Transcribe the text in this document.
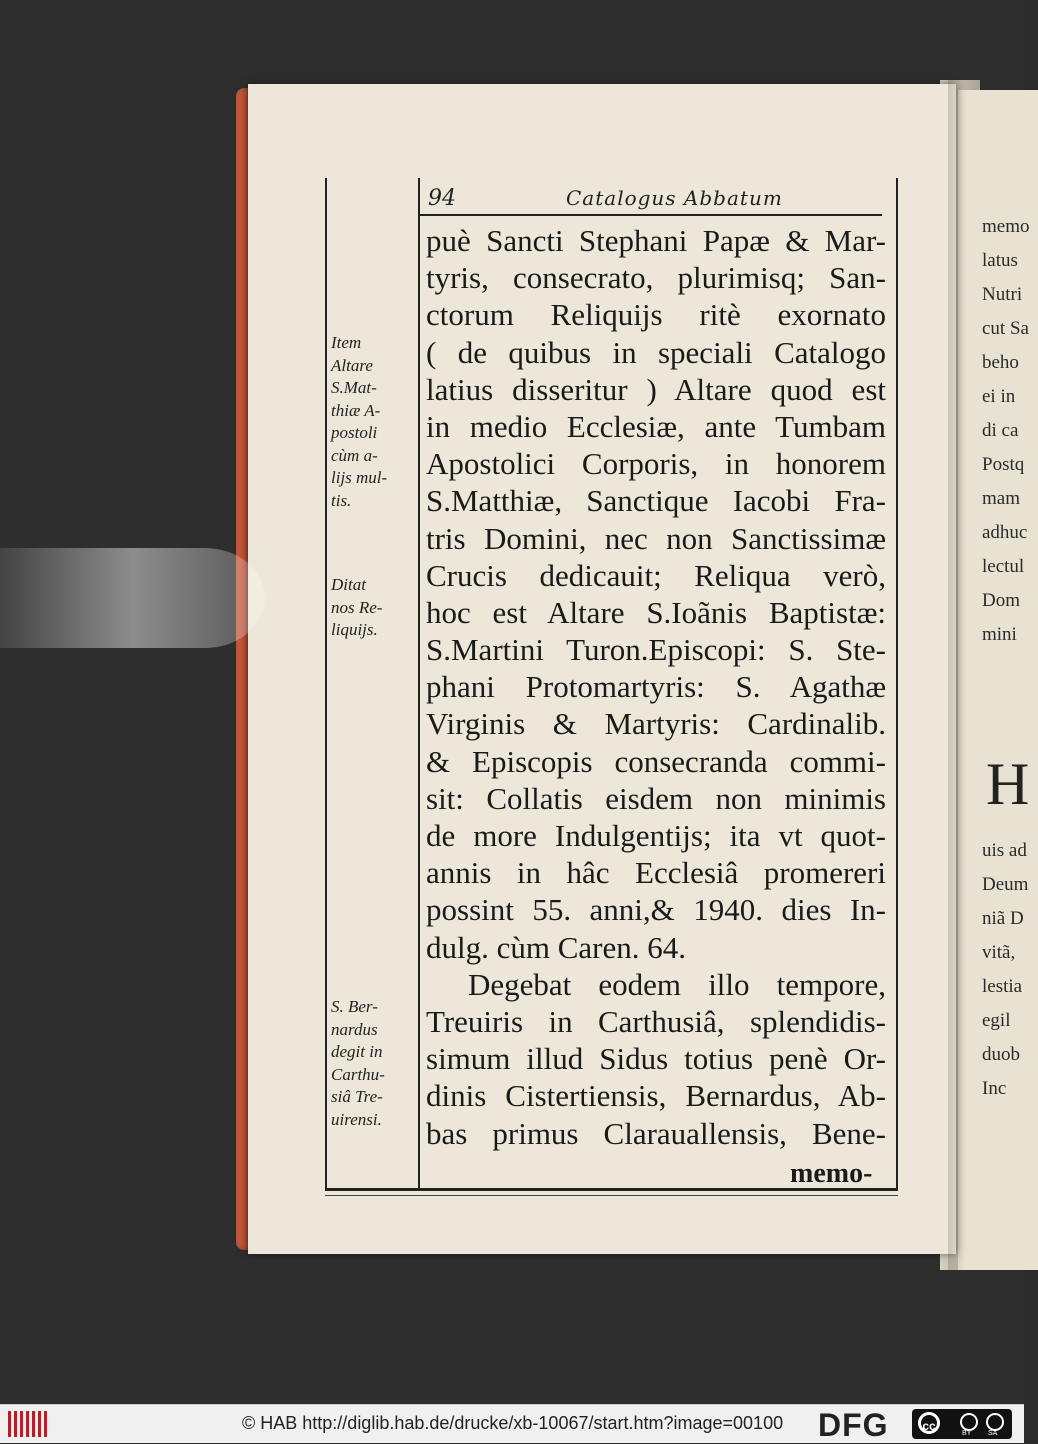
94	Catalogus Abbatum

puè Sancti Stephani Papæ & Mar-
tyris, consecrato, plurimisq; San-
ctorum Reliquijs ritè exornato
( de quibus in speciali Catalogo
latius disseritur ) Altare quod est
in medio Ecclesiæ, ante Tumbam
Apostolici Corporis, in honorem
S.Matthiæ, Sanctique Iacobi Fra-
tris Domini, nec non Sanctissimæ
Crucis dedicauit; Reliqua verò,
hoc est Altare S.Ioãnis Baptistæ:
S.Martini Turon.Episcopi: S. Ste-
phani Protomartyris: S. Agathæ
Virginis & Martyris: Cardinalib.
& Episcopis consecranda commi-
sit: Collatis eisdem non minimis
de more Indulgentijs; ita vt quot-
annis in hâc Ecclesiâ promereri
possint 55. anni,& 1940. dies In-
dulg. cùm Caren. 64.
Degebat eodem illo tempore,
Treuiris in Carthusiâ, splendidis-
simum illud Sidus totius penè Or-
dinis Cistertiensis, Bernardus, Ab-
bas primus Clarauallensis, Bene-

memo-

Item
Altare
S.Mat-
thiæ A-
postoli
cùm a-
lijs mul-
tis.
Ditat
nos Re-
liquijs.
S. Ber-
nardus
degit in
Carthu-
siâ Tre-
uirensi.
memo
latus
Nutri
cut Sa
beho
ei in
di ca
Postq
mam
adhuc
lectul
Dom
mini
H
uis ad
Deum
niã D
vitã,
lestia
egil
duob
Inc

© HAB http://diglib.hab.de/drucke/xb-10067/start.htm?image=00100 DFG	cc
BY SA
